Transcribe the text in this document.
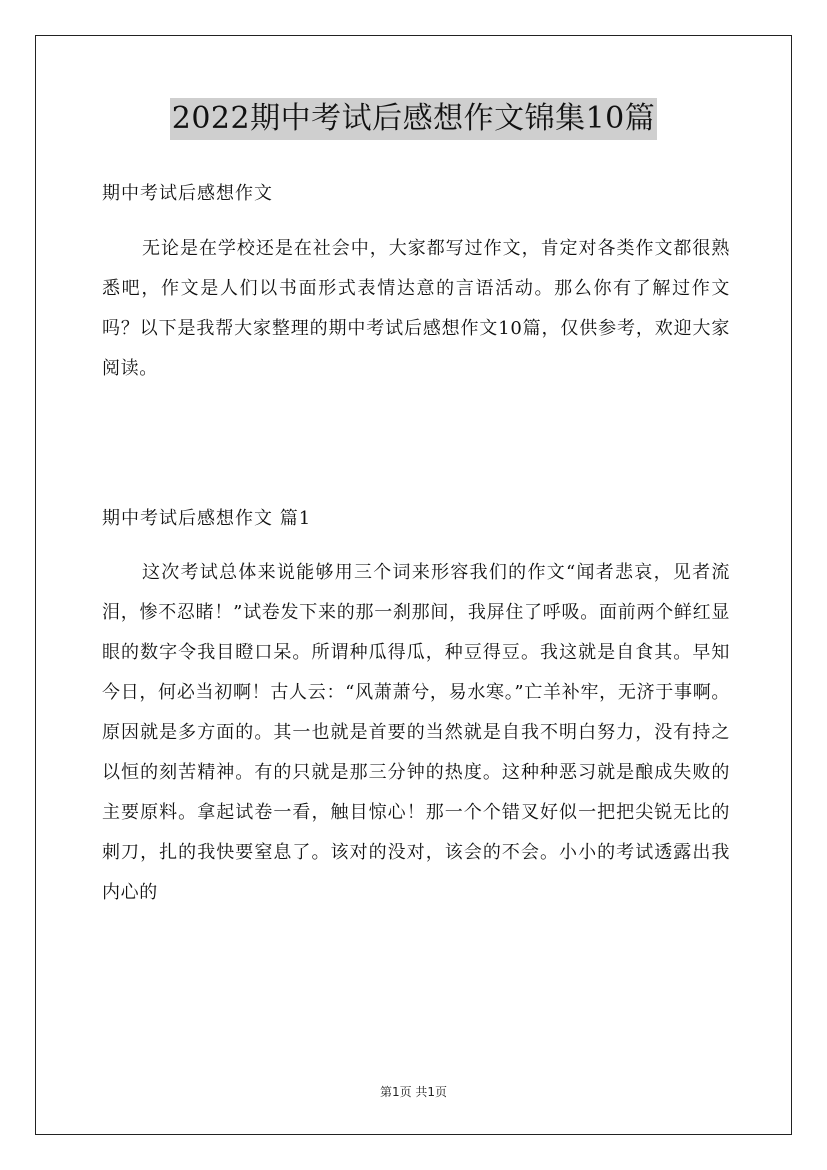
2022期中考试后感想作文锦集10篇
期中考试后感想作文

无论是在学校还是在社会中，大家都写过作文，肯定对各类作文都很熟悉吧，作文是人们以书面形式表情达意的言语活动。那么你有了解过作文吗？以下是我帮大家整理的期中考试后感想作文10篇，仅供参考，欢迎大家阅读。

期中考试后感想作文 篇1

这次考试总体来说能够用三个词来形容我们的作文“闻者悲哀，见者流泪，惨不忍睹！”试卷发下来的那一刹那间，我屏住了呼吸。面前两个鲜红显眼的数字令我目瞪口呆。所谓种瓜得瓜，种豆得豆。我这就是自食其。早知今日，何必当初啊！古人云：“风萧萧兮，易水寒。”亡羊补牢，无济于事啊。原因就是多方面的。其一也就是首要的当然就是自我不明白努力，没有持之以恒的刻苦精神。有的只就是那三分钟的热度。这种种恶习就是酿成失败的主要原料。拿起试卷一看，触目惊心！那一个个错叉好似一把把尖锐无比的刺刀，扎的我快要窒息了。该对的没对，该会的不会。小小的考试透露出我内心的

第1页 共1页
